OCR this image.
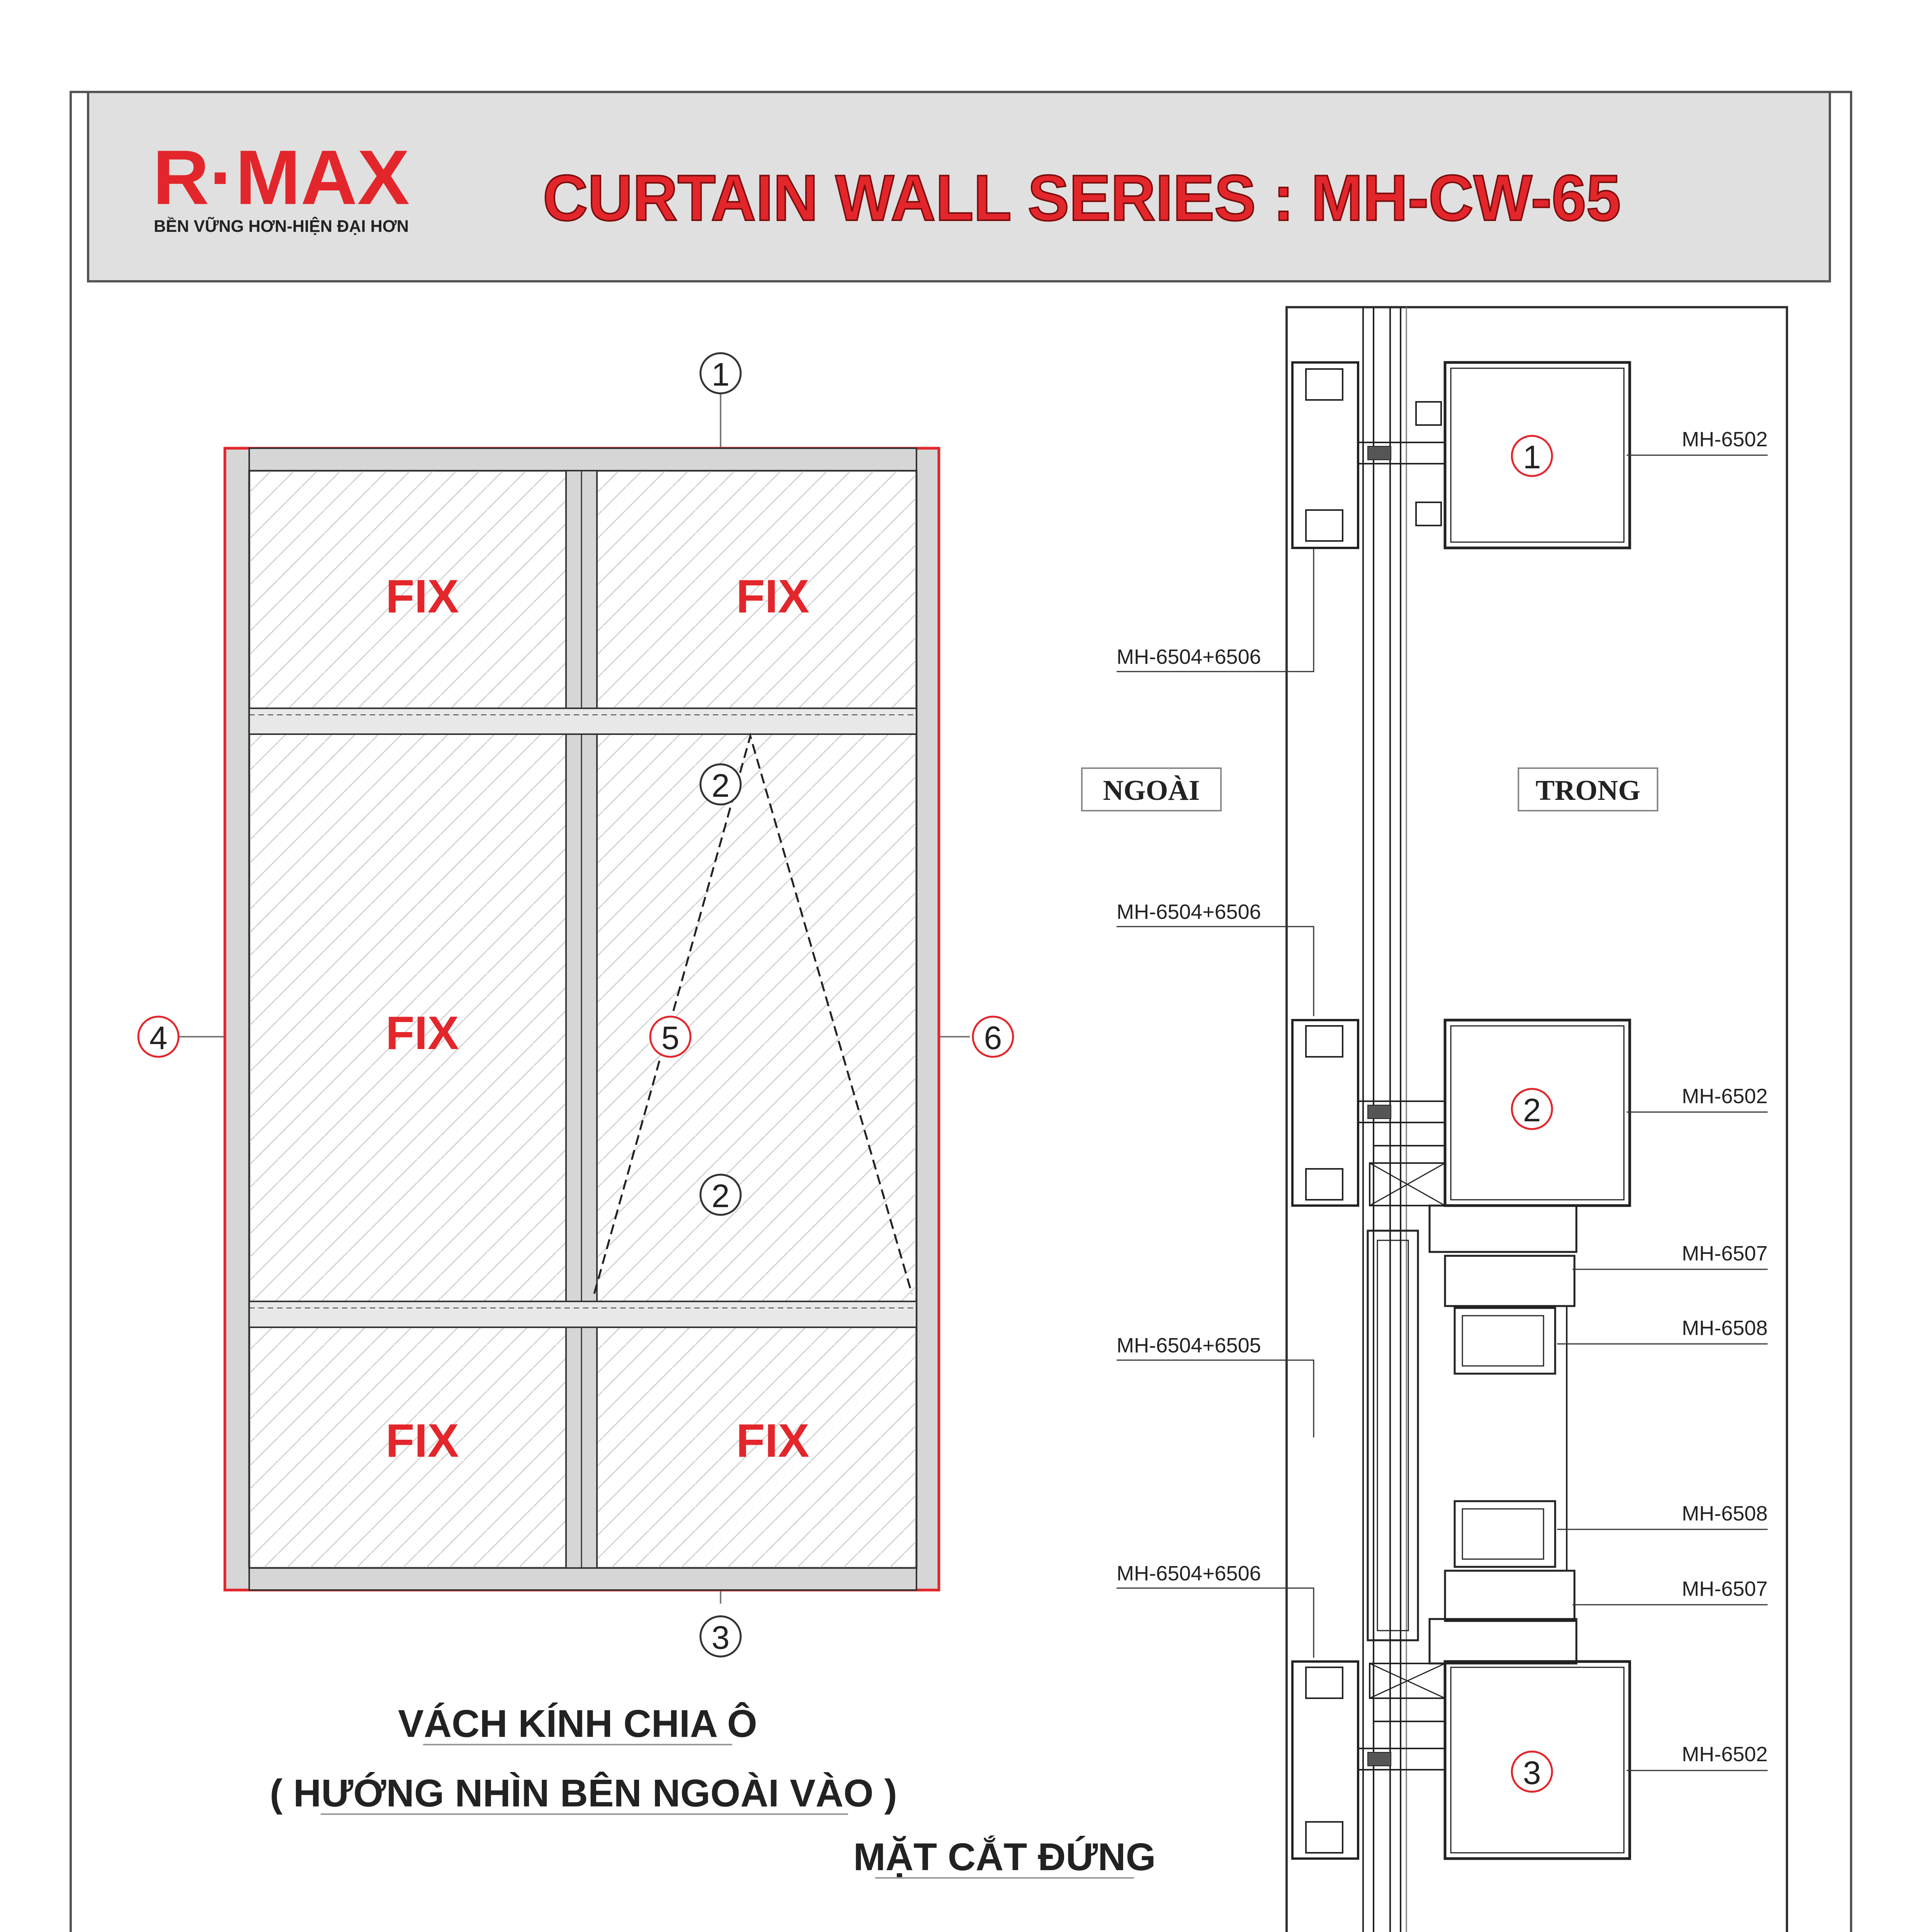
R·MAX
BỀN VỮNG HƠN-HIỆN ĐẠI HƠN CURTAIN WALL SERIES : MH-CW-65
FIX	FIX
FIX
FIX	FIX
1
2
2
3
4	5	6
VÁCH KÍNH CHIA Ô
( HƯỚNG NHÌN BÊN NGOÀI VÀO )
1
2
3
NGOÀI	TRONG
MH-6502
MH-6504+6506
MH-6504+6506
MH-6502
MH-6507
MH-6508
MH-6504+6505
MH-6508
MH-6504+6506
MH-6507
MH-6502
MẶT CẮT ĐỨNG
